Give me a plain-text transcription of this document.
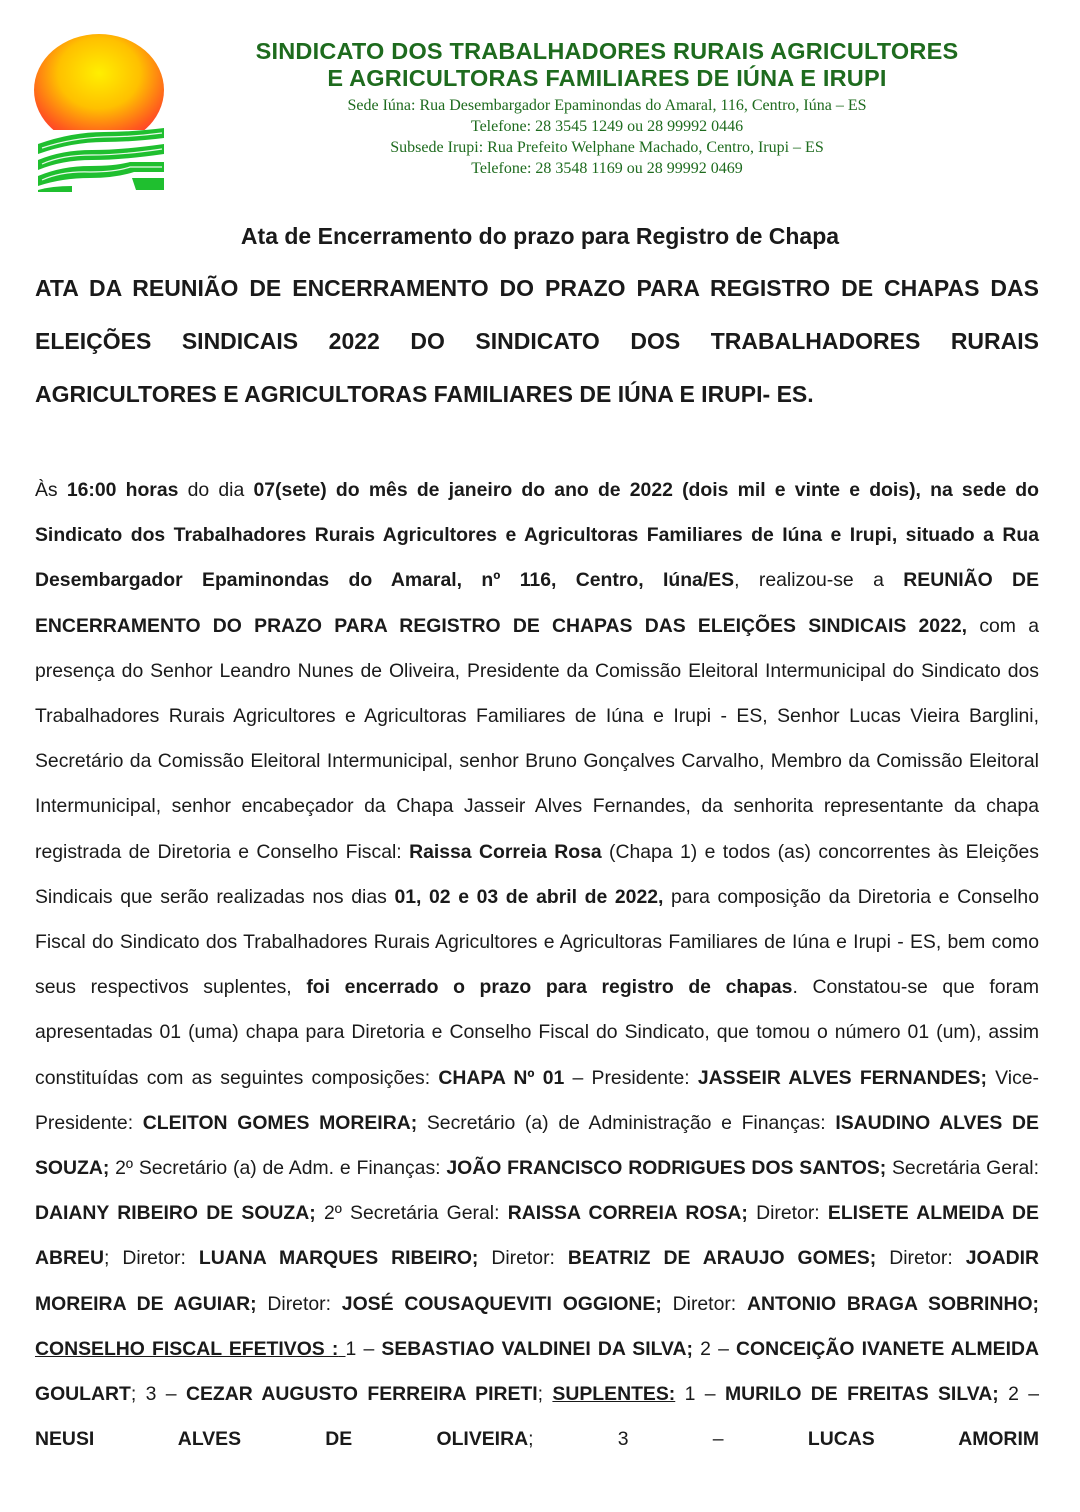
SINDICATO DOS TRABALHADORES RURAIS AGRICULTORES
E AGRICULTORAS FAMILIARES DE IÚNA E IRUPI
Sede Iúna: Rua Desembargador Epaminondas do Amaral, 116, Centro, Iúna – ES
Telefone: 28 3545 1249 ou 28 99992 0446
Subsede Irupi: Rua Prefeito Welphane Machado, Centro, Irupi – ES
Telefone: 28 3548 1169 ou 28 99992 0469
Ata de Encerramento do prazo para Registro de Chapa
ATA DA REUNIÃO DE ENCERRAMENTO DO PRAZO PARA REGISTRO DE CHAPAS DAS ELEIÇÕES SINDICAIS 2022 DO SINDICATO DOS TRABALHADORES RURAIS AGRICULTORES E AGRICULTORAS FAMILIARES DE IÚNA E IRUPI- ES.
Às 16:00 horas do dia 07(sete) do mês de janeiro do ano de 2022 (dois mil e vinte e dois), na sede do Sindicato dos Trabalhadores Rurais Agricultores e Agricultoras Familiares de Iúna e Irupi, situado a Rua Desembargador Epaminondas do Amaral, nº 116, Centro, Iúna/ES, realizou-se a REUNIÃO DE ENCERRAMENTO DO PRAZO PARA REGISTRO DE CHAPAS DAS ELEIÇÕES SINDICAIS 2022, com a presença do Senhor Leandro Nunes de Oliveira, Presidente da Comissão Eleitoral Intermunicipal do Sindicato dos Trabalhadores Rurais Agricultores e Agricultoras Familiares de Iúna e Irupi - ES, Senhor Lucas Vieira Barglini, Secretário da Comissão Eleitoral Intermunicipal, senhor Bruno Gonçalves Carvalho, Membro da Comissão Eleitoral Intermunicipal, senhor encabeçador da Chapa Jasseir Alves Fernandes, da senhorita representante da chapa registrada de Diretoria e Conselho Fiscal: Raissa Correia Rosa (Chapa 1) e todos (as) concorrentes às Eleições Sindicais que serão realizadas nos dias 01, 02 e 03 de abril de 2022, para composição da Diretoria e Conselho Fiscal do Sindicato dos Trabalhadores Rurais Agricultores e Agricultoras Familiares de Iúna e Irupi - ES, bem como seus respectivos suplentes, foi encerrado o prazo para registro de chapas. Constatou-se que foram apresentadas 01 (uma) chapa para Diretoria e Conselho Fiscal do Sindicato, que tomou o número 01 (um), assim constituídas com as seguintes composições: CHAPA Nº 01 – Presidente: JASSEIR ALVES FERNANDES; Vice-Presidente: CLEITON GOMES MOREIRA; Secretário (a) de Administração e Finanças: ISAUDINO ALVES DE SOUZA; 2º Secretário (a) de Adm. e Finanças: JOÃO FRANCISCO RODRIGUES DOS SANTOS; Secretária Geral: DAIANY RIBEIRO DE SOUZA; 2º Secretária Geral: RAISSA CORREIA ROSA; Diretor: ELISETE ALMEIDA DE ABREU; Diretor: LUANA MARQUES RIBEIRO; Diretor: BEATRIZ DE ARAUJO GOMES; Diretor: JOADIR MOREIRA DE AGUIAR; Diretor: JOSÉ COUSAQUEVITI OGGIONE; Diretor: ANTONIO BRAGA SOBRINHO; CONSELHO FISCAL EFETIVOS : 1 – SEBASTIAO VALDINEI DA SILVA; 2 – CONCEIÇÃO IVANETE ALMEIDA GOULART; 3 – CEZAR AUGUSTO FERREIRA PIRETI; SUPLENTES: 1 – MURILO DE FREITAS SILVA; 2 – NEUSI ALVES DE OLIVEIRA; 3 – LUCAS AMORIM
